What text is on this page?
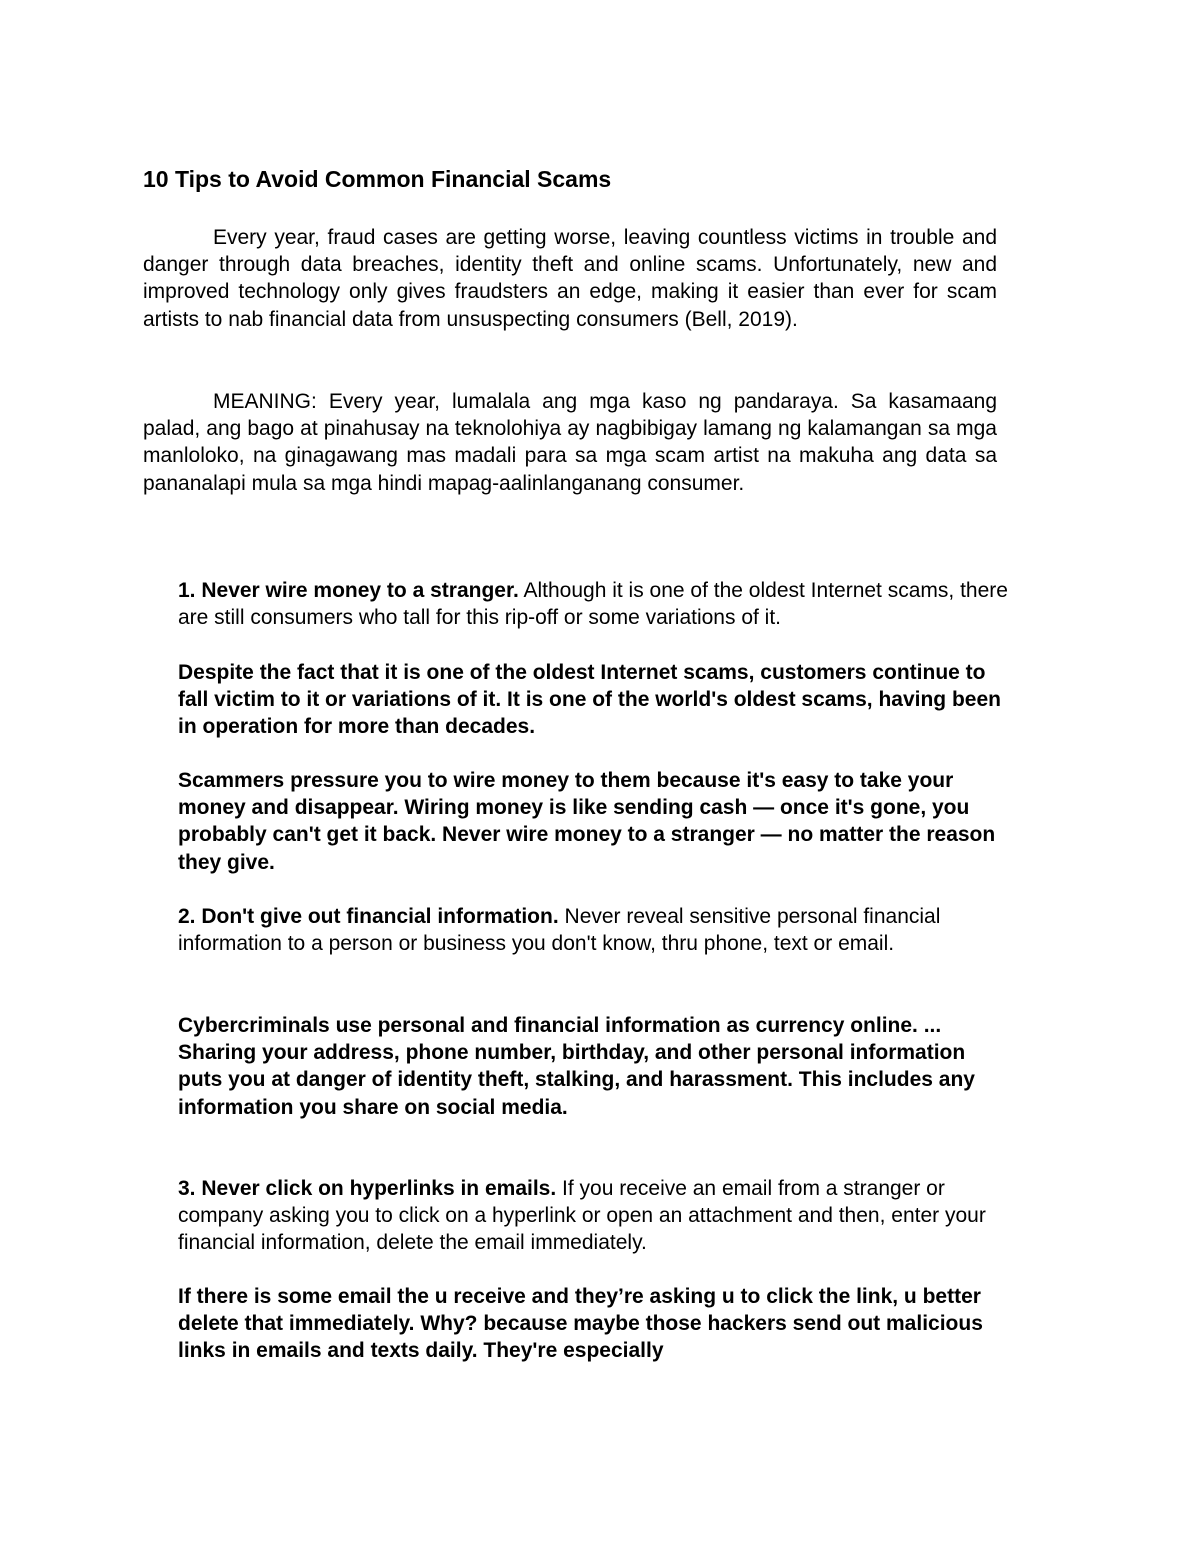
10 Tips to Avoid Common Financial Scams

Every year, fraud cases are getting worse, leaving countless victims in trouble and danger through data breaches, identity theft and online scams. Unfortunately, new and improved technology only gives fraudsters an edge, making it easier than ever for scam artists to nab financial data from unsuspecting consumers (Bell, 2019).

MEANING: Every year, lumalala ang mga kaso ng pandaraya. Sa kasamaang palad, ang bago at pinahusay na teknolohiya ay nagbibigay lamang ng kalamangan sa mga manloloko, na ginagawang mas madali para sa mga scam artist na makuha ang data sa pananalapi mula sa mga hindi mapag-aalinlanganang consumer.

1. Never wire money to a stranger. Although it is one of the oldest Internet scams, there are still consumers who tall for this rip-off or some variations of it.

Despite the fact that it is one of the oldest Internet scams, customers continue to fall victim to it or variations of it. It is one of the world's oldest scams, having been in operation for more than decades.

Scammers pressure you to wire money to them because it's easy to take your money and disappear. Wiring money is like sending cash — once it's gone, you probably can't get it back. Never wire money to a stranger — no matter the reason they give.

2. Don't give out financial information. Never reveal sensitive personal financial information to a person or business you don't know, thru phone, text or email.

Cybercriminals use personal and financial information as currency online. ... Sharing your address, phone number, birthday, and other personal information puts you at danger of identity theft, stalking, and harassment. This includes any information you share on social media.

3. Never click on hyperlinks in emails. If you receive an email from a stranger or company asking you to click on a hyperlink or open an attachment and then, enter your financial information, delete the email immediately.

If there is some email the u receive and they’re asking u to click the link, u better delete that immediately. Why? because maybe those hackers send out malicious links in emails and texts daily. They're especially
